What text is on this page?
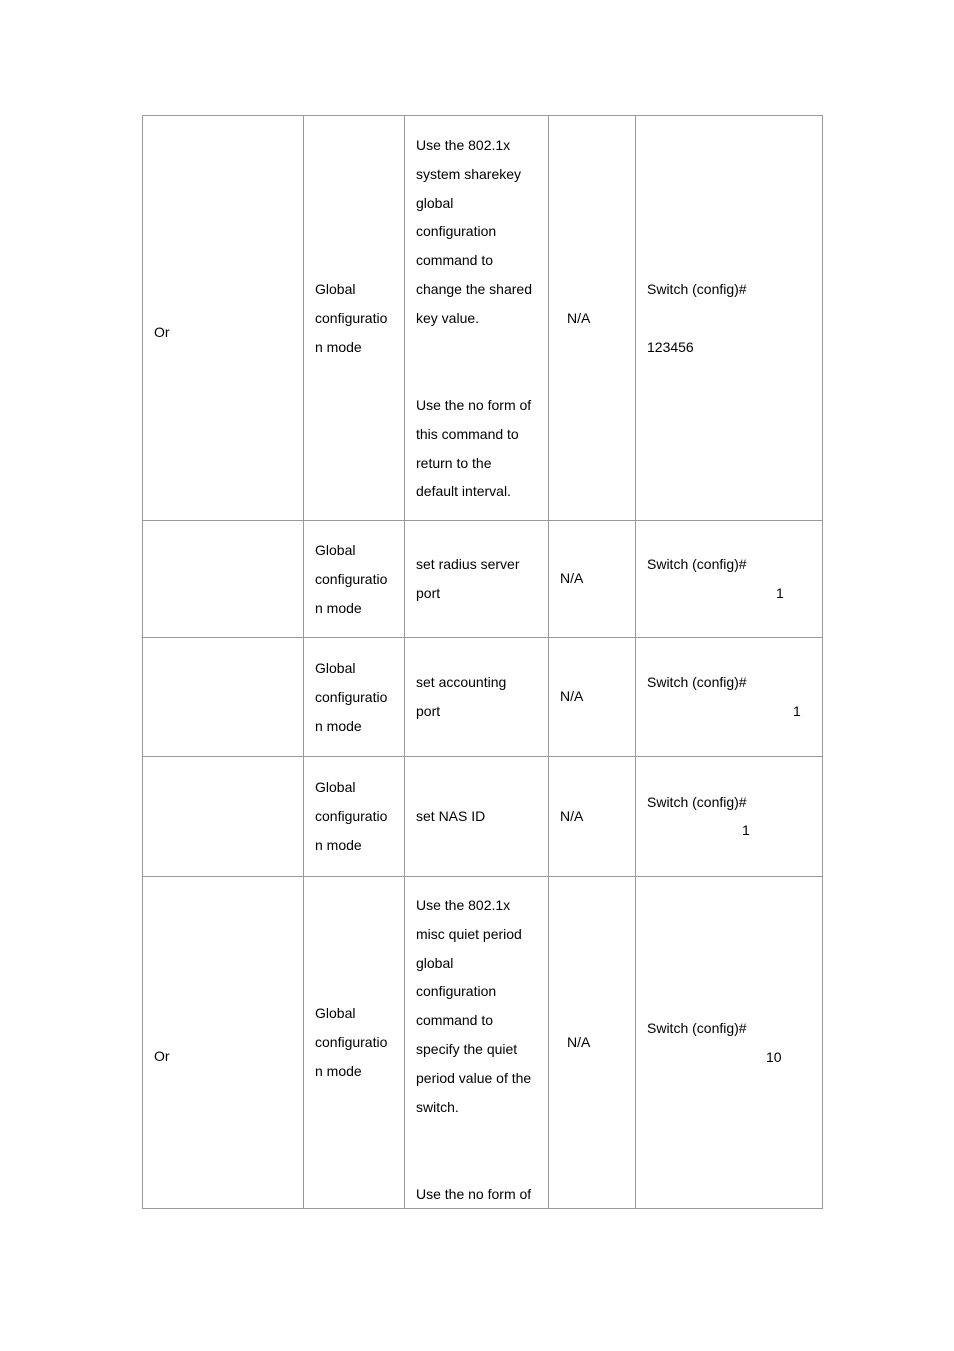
Or

Global
configuratio
n mode
Use the 802.1x
system sharekey
global
configuration
command to
change the shared
key value.
Use the no form of
this command to
return to the
default interval.

N/A

Switch (config)#

123456

Global
configuratio
n mode
set radius server
port

N/A

Switch (config)#

1

Global
configuratio
n mode
set accounting
port

N/A

Switch (config)#

1

Global
configuratio
n mode
set NAS ID	N/A

Switch (config)#

1

Or

Global
configuratio
n mode
Use the 802.1x
misc quiet period
global
configuration
command to
specify the quiet
period value of the
switch.
Use the no form of

N/A

Switch (config)#

10
